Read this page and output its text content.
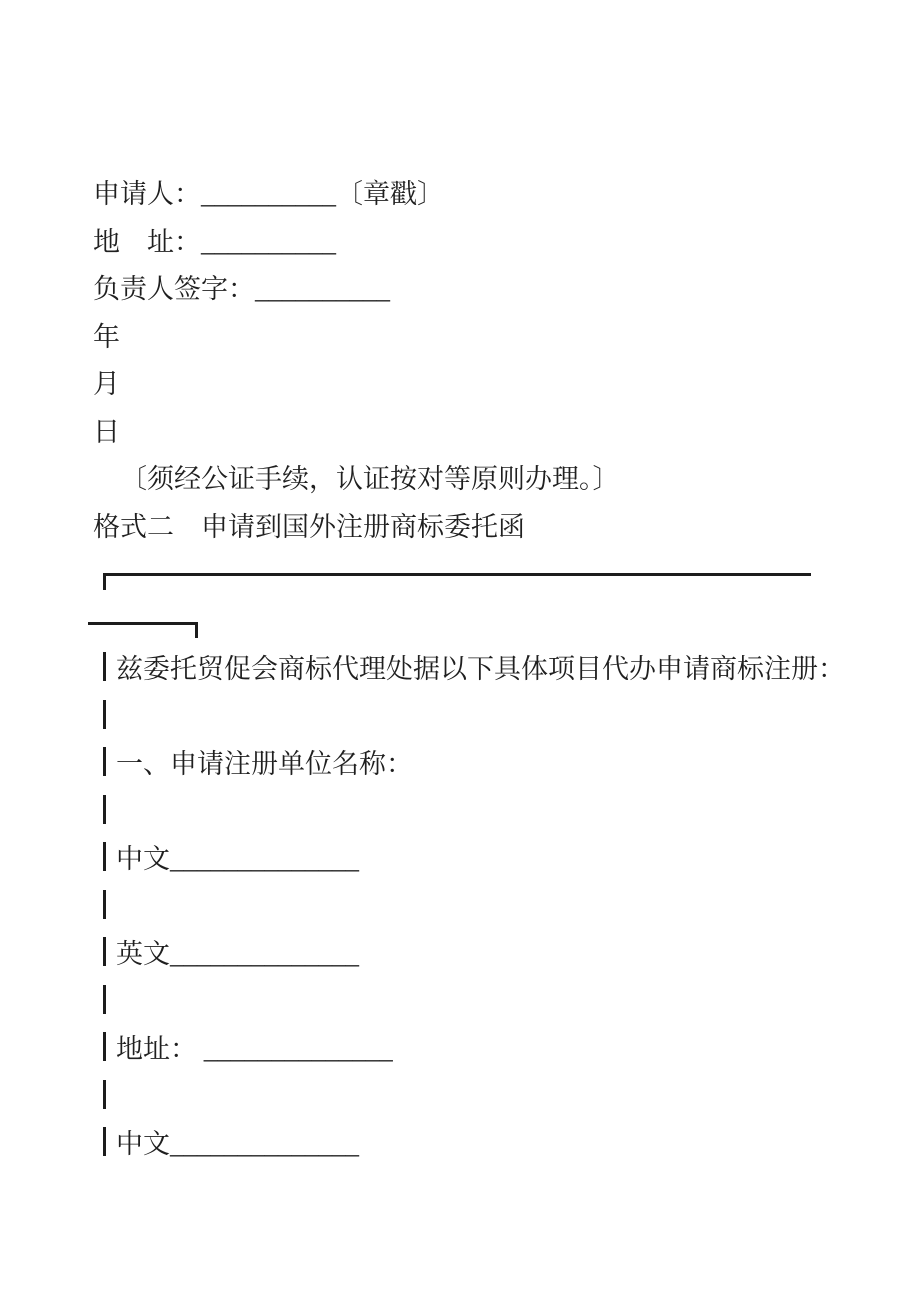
申请人：__________〔章戳〕
地　址：__________
负责人签字：__________
年
月
日
〔须经公证手续，认证按对等原则办理。〕
格式二　申请到国外注册商标委托函
兹委托贸促会商标代理处据以下具体项目代办申请商标注册：
一、申请注册单位名称：
中文______________
英文______________
地址： ______________
中文______________
